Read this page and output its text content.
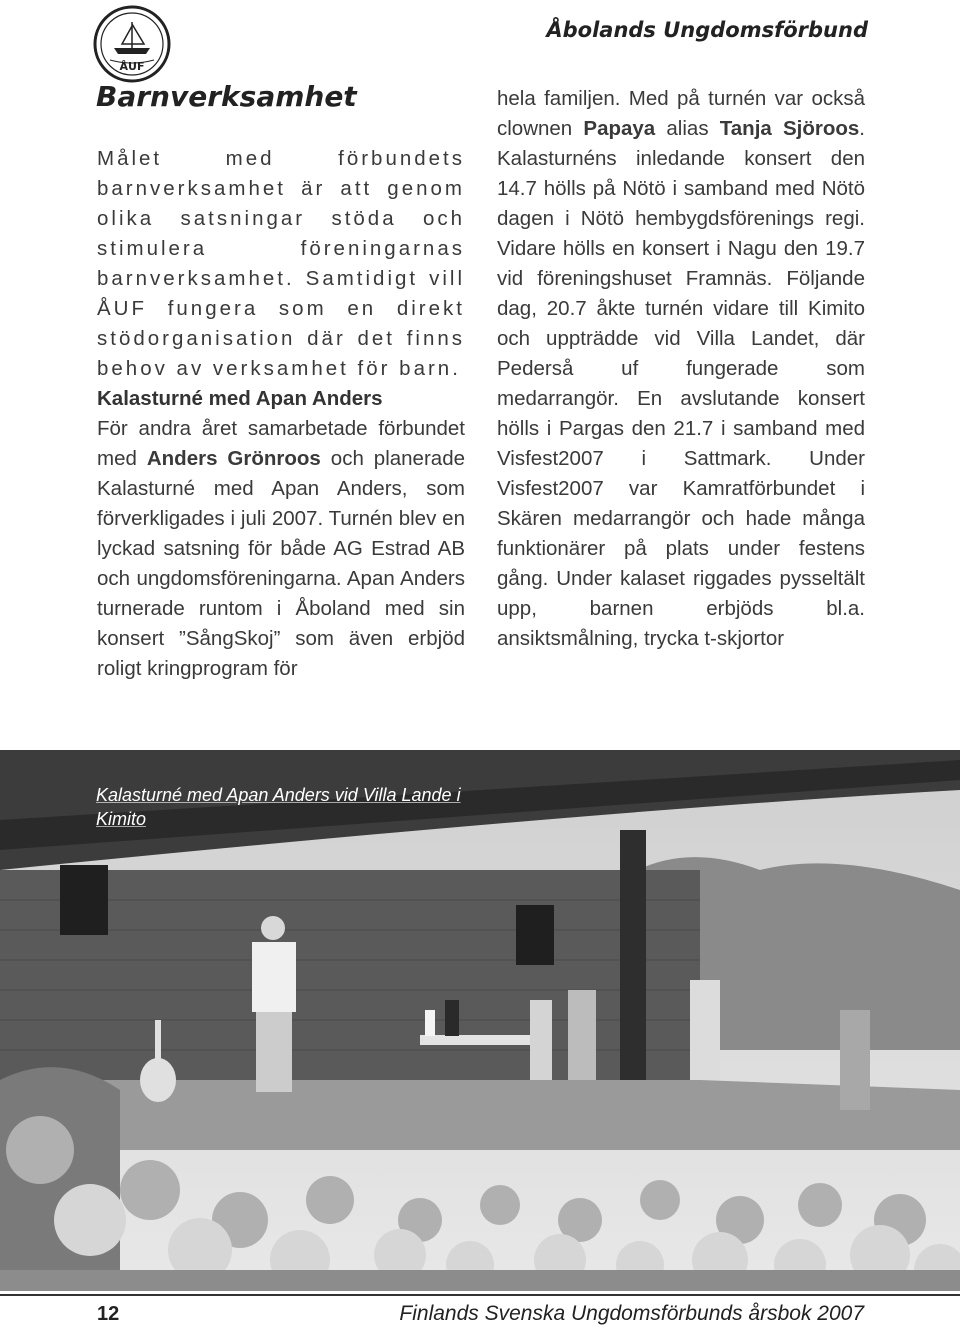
ÅUF
Åbolands Ungdomsförbund
Barnverksamhet

Målet med förbundets barnverksamhet är att genom olika satsningar stöda och stimulera föreningarnas barnverksamhet. Samtidigt vill ÅUF fungera som en direkt stödorganisation där det finns behov av verksamhet för barn.

Kalasturné med Apan Anders

För andra året samarbetade förbundet med Anders Grönroos och planerade Kalasturné med Apan Anders, som förverkligades i juli 2007. Turnén blev en lyckad satsning för både AG Estrad AB och ungdomsföreningarna. Apan Anders turnerade runtom i Åboland med sin konsert ”SångSkoj” som även erbjöd roligt kringprogram för

hela familjen. Med på turnén var också clownen Papaya alias Tanja Sjöroos. Kalasturnéns inledande konsert den 14.7 hölls på Nötö i samband med Nötö dagen i Nötö hembygdsförenings regi. Vidare hölls en konsert i Nagu den 19.7 vid föreningshuset Framnäs. Följande dag, 20.7 åkte turnén vidare till Kimito och uppträdde vid Villa Landet, där Pederså uf fungerade som medarrangör. En avslutande konsert hölls i Pargas den 21.7 i samband med Visfest2007 i Sattmark. Under Visfest2007 var Kamratförbundet i Skären medarrangör och hade många funktionärer på plats under festens gång. Under kalaset riggades pysseltält upp, barnen erbjöds bl.a. ansiktsmålning, trycka t-skjortor

Kalasturné med Apan Anders vid Villa Lande i Kimito
12	Finlands Svenska Ungdomsförbunds årsbok 2007
